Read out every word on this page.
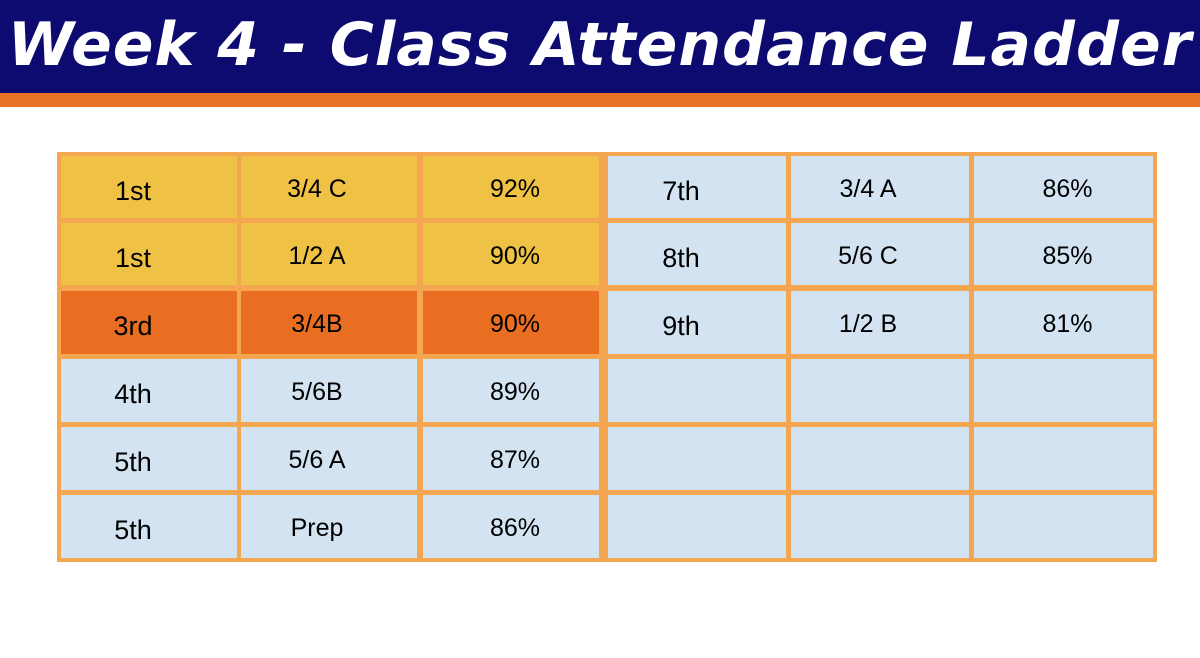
Week 4 - Class Attendance Ladder
1st	3/4 C	92%
1st	1/2 A	90%
3rd	3/4B	90%
4th	5/6B	89%
5th	5/6 A	87%
5th	Prep	86%
7th	3/4 A	86%
8th	5/6 C	85%
9th	1/2 B	81%
